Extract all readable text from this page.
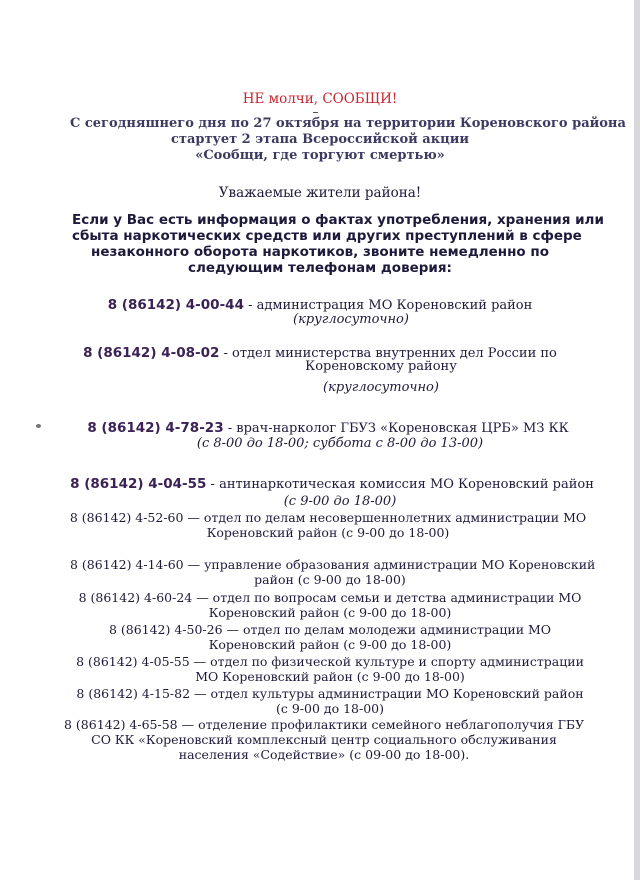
НЕ молчи, СООБЩИ!
С сегодняшнего дня по 27 октября на территории Кореновского района
стартует 2 этапа Всероссийской акции
«Сообщи, где торгуют смертью»
Уважаемые жители района!
Если у Вас есть информация о фактах употребления, хранения или
сбыта наркотических средств или других преступлений в сфере
незаконного оборота наркотиков, звоните немедленно по
следующим телефонам доверия:
8 (86142) 4-00-44 - администрация МО Кореновский район
(круглосуточно)
8 (86142) 4-08-02 - отдел министерства внутренних дел России по
Кореновскому району
(круглосуточно)
8 (86142) 4-78-23 - врач-нарколог ГБУЗ «Кореновская ЦРБ» МЗ КК
(с 8-00 до 18-00; суббота с 8-00 до 13-00)
8 (86142) 4-04-55 - антинаркотическая комиссия МО Кореновский район
(с 9-00 до 18-00)
8 (86142) 4-52-60 — отдел по делам несовершеннолетних администрации МО
Кореновский район (с 9-00 до 18-00)
8 (86142) 4-14-60 — управление образования администрации МО Кореновский
район (с 9-00 до 18-00)
8 (86142) 4-60-24 — отдел по вопросам семьи и детства администрации МО
Кореновский район (с 9-00 до 18-00)
8 (86142) 4-50-26 — отдел по делам молодежи администрации МО
Кореновский район (с 9-00 до 18-00)
8 (86142) 4-05-55 — отдел по физической культуре и спорту администрации
МО Кореновский район (с 9-00 до 18-00)
8 (86142) 4-15-82 — отдел культуры администрации МО Кореновский район
(с 9-00 до 18-00)
8 (86142) 4-65-58 — отделение профилактики семейного неблагополучия ГБУ
СО КК «Кореновский комплексный центр социального обслуживания
населения «Содействие» (с 09-00 до 18-00).
